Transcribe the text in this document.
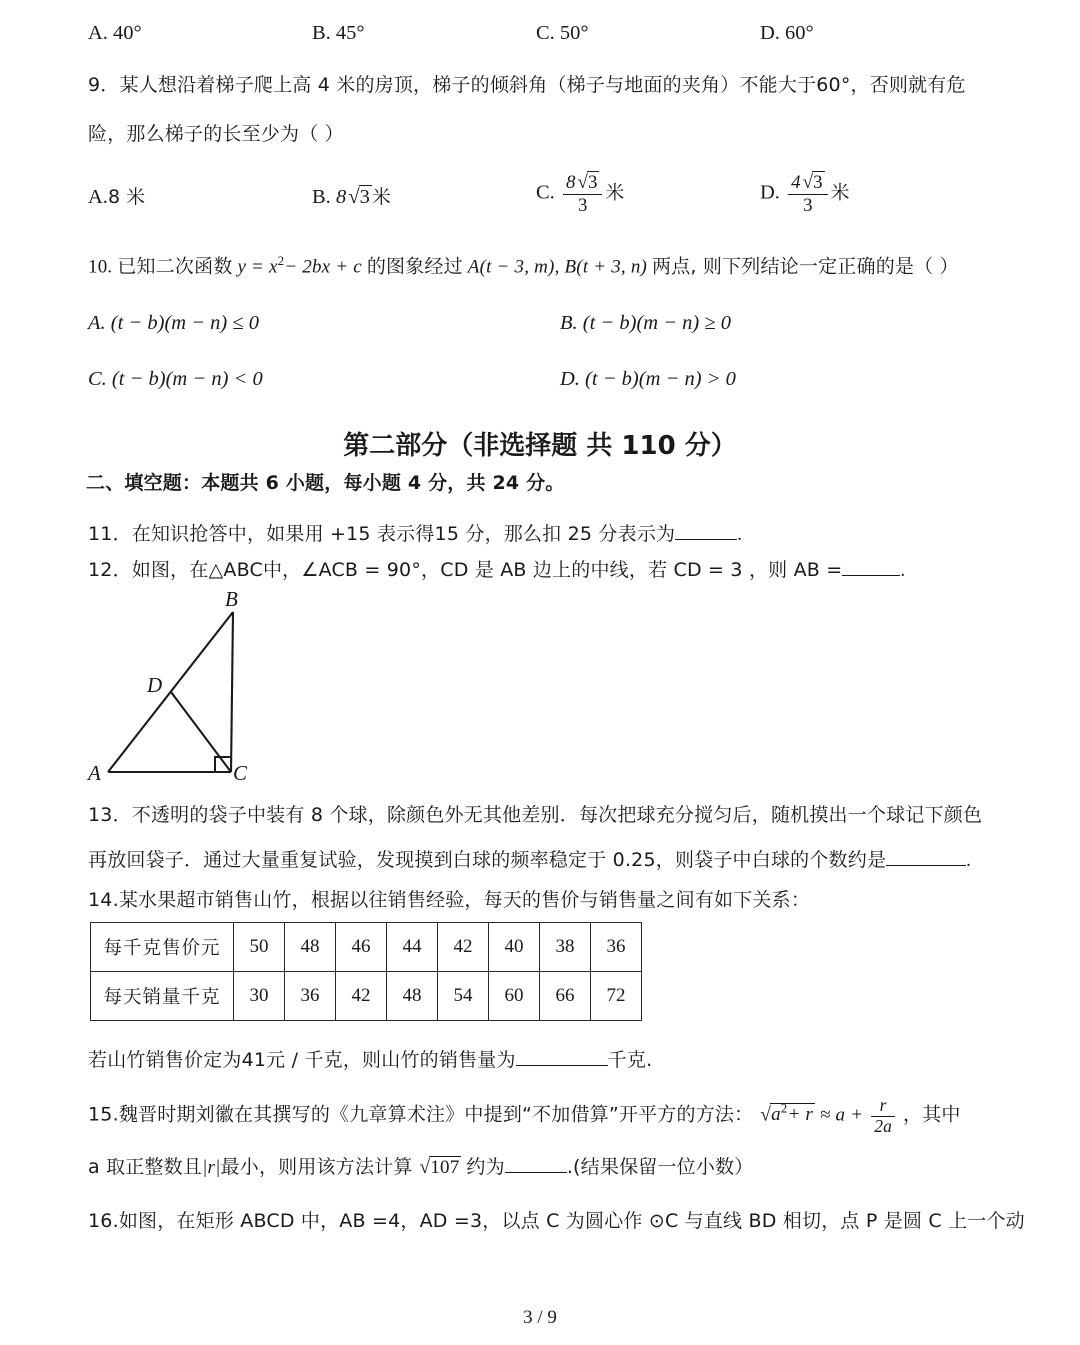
A. 40°	B. 45°	C. 50°	D. 60°
9．某人想沿着梯子爬上高 4 米的房顶，梯子的倾斜角（梯子与地面的夹角）不能大于60°，否则就有危
险，那么梯子的长至少为（ ）
A.8 米	B. 8√3 米	C. $\frac{8 √3}{3}$ 米	D. $\frac{4 √3}{3}$ 米
10. 已知二次函数 $y = x^2- 2bx + c$ 的图象经过 A(t − 3, m), B(t + 3, n) 两点, 则下列结论一定正确的是（ ）
A. (t − b)(m − n) ≤ 0	B. (t − b)(m − n) ≥ 0
C. (t − b)(m − n) < 0	D. (t − b)(m − n) > 0
第二部分（非选择题 共 110 分）
二、填空题：本题共 6 小题，每小题 4 分，共 24 分。
11．在知识抢答中，如果用 +15 表示得15 分，那么扣 25 分表示为	.
12．如图，在△ABC中，∠ACB = 90°，CD 是 AB 边上的中线，若 CD = 3 ，则 AB =	.
A	C
B
D
13．不透明的袋子中装有 8 个球，除颜色外无其他差别．每次把球充分搅匀后，随机摸出一个球记下颜色
再放回袋子．通过大量重复试验，发现摸到白球的频率稳定于 0.25，则袋子中白球的个数约是	.
14.某水果超市销售山竹，根据以往销售经验，每天的售价与销售量之间有如下关系：
每千克售价元	50	48	46	44	42	40	38	36
每天销量千克	30	36	42	48	54	60	66	72
若山竹销售价定为41元 / 千克，则山竹的销售量为	千克.
15.魏晋时期刘徽在其撰写的《九章算术注》中提到“不加借算”开平方的方法： $√a^2+ r \approx a + \frac{r}{2a}$ ，其中
a 取正整数且|r|最小，则用该方法计算 √107 约为	.(结果保留一位小数）
16.如图，在矩形 ABCD 中，AB =4，AD =3，以点 C 为圆心作 ⊙C 与直线 BD 相切，点 P 是圆 C 上一个动
3 / 9
